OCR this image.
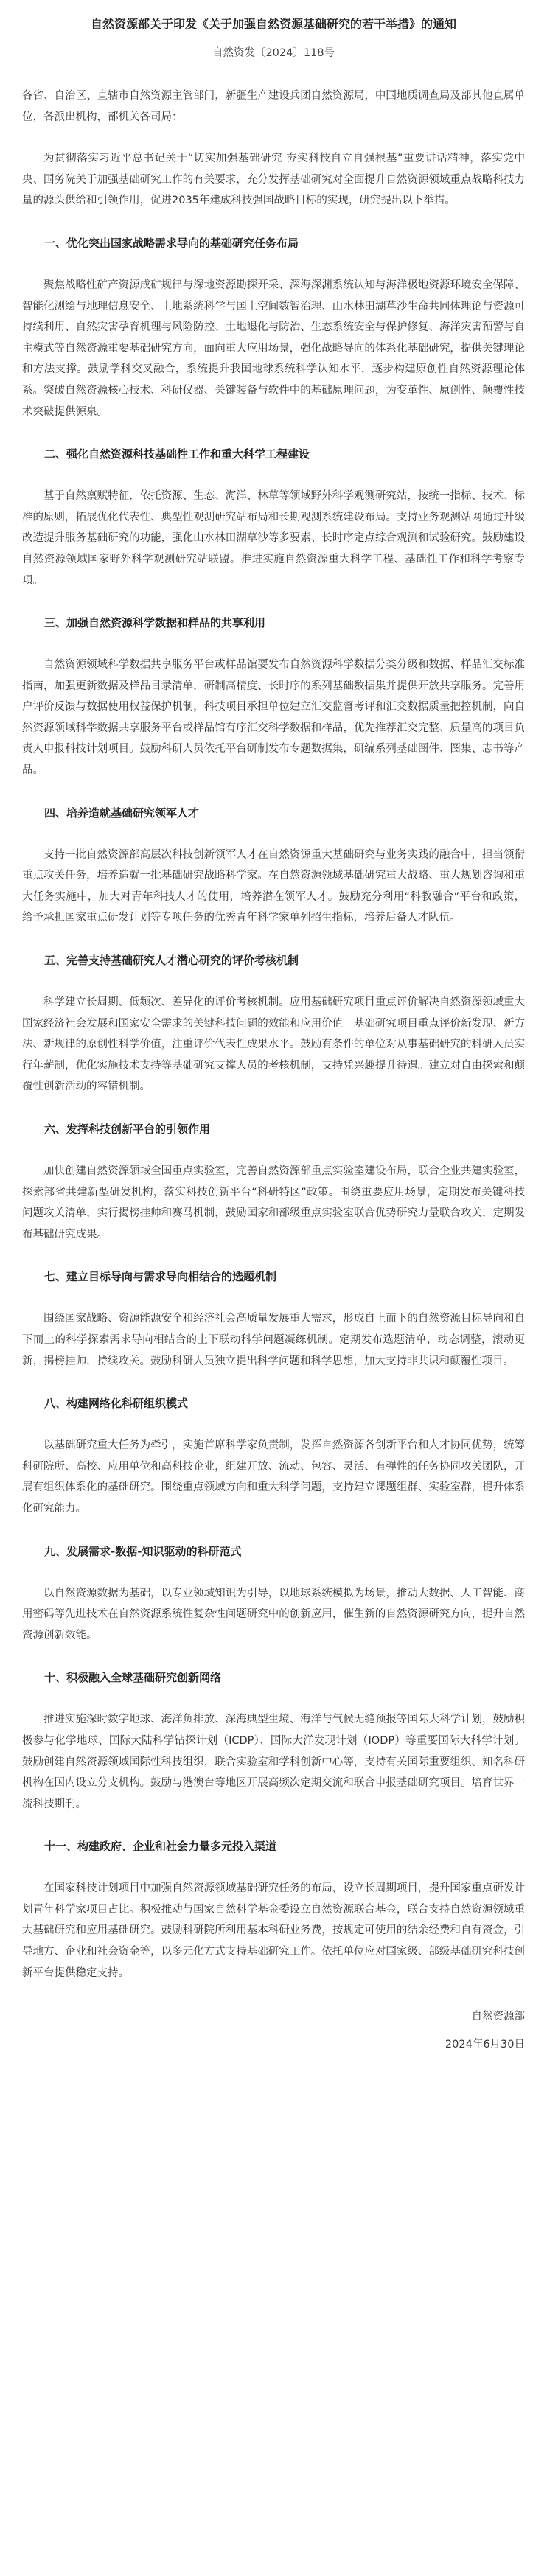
自然资源部关于印发《关于加强自然资源基础研究的若干举措》的通知
自然资发〔2024〕118号
各省、自治区、直辖市自然资源主管部门，新疆生产建设兵团自然资源局，中国地质调查局及部其他直属单位，各派出机构，部机关各司局：

为贯彻落实习近平总书记关于“切实加强基础研究 夯实科技自立自强根基”重要讲话精神，落实党中央、国务院关于加强基础研究工作的有关要求，充分发挥基础研究对全面提升自然资源领域重点战略科技力量的源头供给和引领作用，促进2035年建成科技强国战略目标的实现，研究提出以下举措。

一、优化突出国家战略需求导向的基础研究任务布局

聚焦战略性矿产资源成矿规律与深地资源勘探开采、深海深渊系统认知与海洋极地资源环境安全保障、智能化测绘与地理信息安全、土地系统科学与国土空间数智治理、山水林田湖草沙生命共同体理论与资源可持续利用、自然灾害孕育机理与风险防控、土地退化与防治、生态系统安全与保护修复、海洋灾害预警与自主模式等自然资源重要基础研究方向，面向重大应用场景，强化战略导向的体系化基础研究，提供关键理论和方法支撑。鼓励学科交叉融合，系统提升我国地球系统科学认知水平，逐步构建原创性自然资源理论体系。突破自然资源核心技术、科研仪器、关键装备与软件中的基础原理问题，为变革性、原创性、颠覆性技术突破提供源泉。

二、强化自然资源科技基础性工作和重大科学工程建设

基于自然禀赋特征，依托资源、生态、海洋、林草等领域野外科学观测研究站，按统一指标、技术、标准的原则，拓展优化代表性、典型性观测研究站布局和长期观测系统建设布局。支持业务观测站网通过升级改造提升服务基础研究的功能，强化山水林田湖草沙等多要素、长时序定点综合观测和试验研究。鼓励建设自然资源领域国家野外科学观测研究站联盟。推进实施自然资源重大科学工程、基础性工作和科学考察专项。

三、加强自然资源科学数据和样品的共享利用

自然资源领域科学数据共享服务平台或样品馆要发布自然资源科学数据分类分级和数据、样品汇交标准指南，加强更新数据及样品目录清单，研制高精度、长时序的系列基础数据集并提供开放共享服务。完善用户评价反馈与数据使用权益保护机制，科技项目承担单位建立汇交监督考评和汇交数据质量把控机制，向自然资源领域科学数据共享服务平台或样品馆有序汇交科学数据和样品，优先推荐汇交完整、质量高的项目负责人申报科技计划项目。鼓励科研人员依托平台研制发布专题数据集，研编系列基础图件、图集、志书等产品。

四、培养造就基础研究领军人才

支持一批自然资源部高层次科技创新领军人才在自然资源重大基础研究与业务实践的融合中，担当领衔重点攻关任务，培养造就一批基础研究战略科学家。在自然资源领域基础研究重大战略、重大规划咨询和重大任务实施中，加大对青年科技人才的使用，培养潜在领军人才。鼓励充分利用“科教融合”平台和政策，给予承担国家重点研发计划等专项任务的优秀青年科学家单列招生指标，培养后备人才队伍。

五、完善支持基础研究人才潜心研究的评价考核机制

科学建立长周期、低频次、差异化的评价考核机制。应用基础研究项目重点评价解决自然资源领域重大国家经济社会发展和国家安全需求的关键科技问题的效能和应用价值。基础研究项目重点评价新发现、新方法、新规律的原创性科学价值，注重评价代表性成果水平。鼓励有条件的单位对从事基础研究的科研人员实行年薪制，优化实施技术支持等基础研究支撑人员的考核机制，支持凭兴趣提升待遇。建立对自由探索和颠覆性创新活动的容错机制。

六、发挥科技创新平台的引领作用

加快创建自然资源领域全国重点实验室，完善自然资源部重点实验室建设布局，联合企业共建实验室，探索部省共建新型研发机构，落实科技创新平台“科研特区”政策。围绕重要应用场景，定期发布关键科技问题攻关清单，实行揭榜挂帅和赛马机制，鼓励国家和部级重点实验室联合优势研究力量联合攻关，定期发布基础研究成果。

七、建立目标导向与需求导向相结合的选题机制

围绕国家战略、资源能源安全和经济社会高质量发展重大需求，形成自上而下的自然资源目标导向和自下而上的科学探索需求导向相结合的上下联动科学问题凝练机制。定期发布选题清单，动态调整，滚动更新，揭榜挂帅，持续攻关。鼓励科研人员独立提出科学问题和科学思想，加大支持非共识和颠覆性项目。

八、构建网络化科研组织模式

以基础研究重大任务为牵引，实施首席科学家负责制，发挥自然资源各创新平台和人才协同优势，统筹科研院所、高校、应用单位和高科技企业，组建开放、流动、包容、灵活、有弹性的任务协同攻关团队，开展有组织体系化的基础研究。围绕重点领域方向和重大科学问题，支持建立课题组群、实验室群，提升体系化研究能力。

九、发展需求-数据-知识驱动的科研范式

以自然资源数据为基础，以专业领域知识为引导，以地球系统模拟为场景，推动大数据、人工智能、商用密码等先进技术在自然资源系统性复杂性问题研究中的创新应用，催生新的自然资源研究方向，提升自然资源创新效能。

十、积极融入全球基础研究创新网络

推进实施深时数字地球、海洋负排放、深海典型生境、海洋与气候无缝预报等国际大科学计划，鼓励积极参与化学地球、国际大陆科学钻探计划（ICDP）、国际大洋发现计划（IODP）等重要国际大科学计划。鼓励创建自然资源领域国际性科技组织，联合实验室和学科创新中心等，支持有关国际重要组织、知名科研机构在国内设立分支机构。鼓励与港澳台等地区开展高频次定期交流和联合申报基础研究项目。培育世界一流科技期刊。

十一、构建政府、企业和社会力量多元投入渠道

在国家科技计划项目中加强自然资源领域基础研究任务的布局，设立长周期项目，提升国家重点研发计划青年科学家项目占比。积极推动与国家自然科学基金委设立自然资源联合基金，联合支持自然资源领域重大基础研究和应用基础研究。鼓励科研院所利用基本科研业务费，按规定可使用的结余经费和自有资金，引导地方、企业和社会资金等，以多元化方式支持基础研究工作。依托单位应对国家级、部级基础研究科技创新平台提供稳定支持。

自然资源部
2024年6月30日
